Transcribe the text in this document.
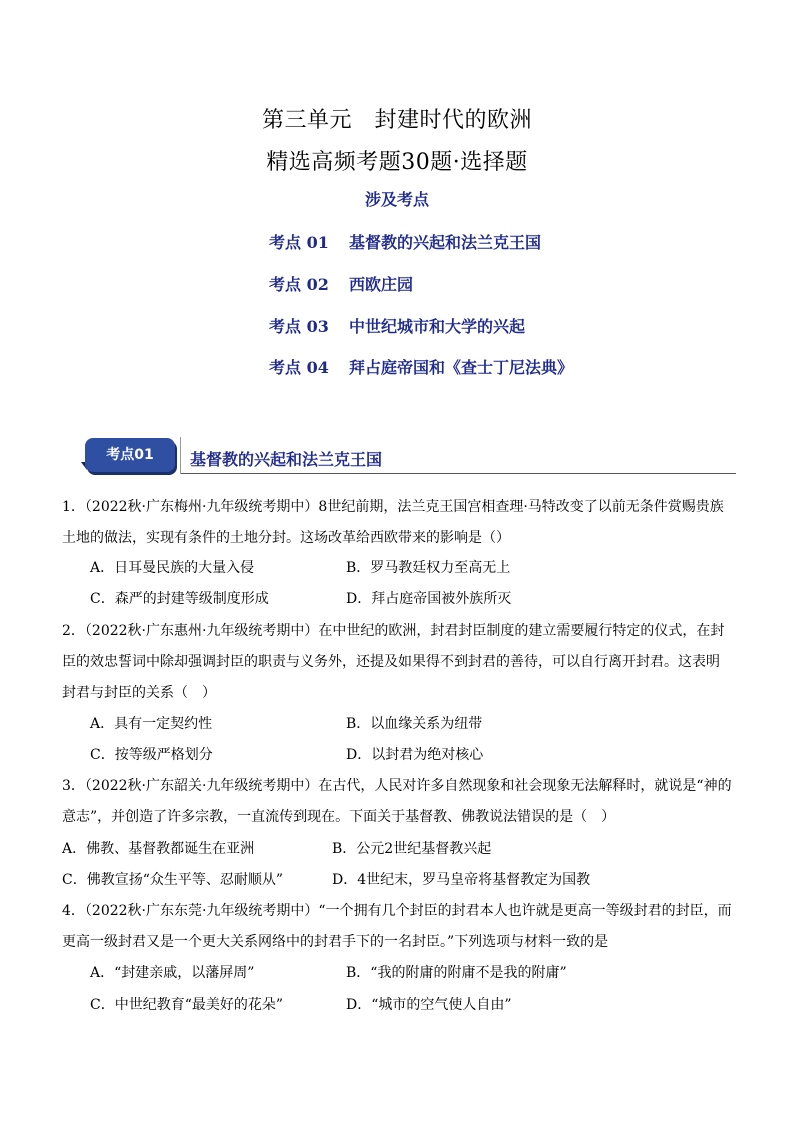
第三单元　封建时代的欧洲
精选高频考题30题·选择题
涉及考点
考点 01 基督教的兴起和法兰克王国
考点 02 西欧庄园
考点 03 中世纪城市和大学的兴起
考点 04 拜占庭帝国和《查士丁尼法典》
考点01	基督教的兴起和法兰克王国
1．（2022秋·广东梅州·九年级统考期中）8世纪前期，法兰克王国宫相查理·马特改变了以前无条件赏赐贵族土地的做法，实现有条件的土地分封。这场改革给西欧带来的影响是（）
A．日耳曼民族的大量入侵	B．罗马教廷权力至高无上
C．森严的封建等级制度形成	D．拜占庭帝国被外族所灭
2．（2022秋·广东惠州·九年级统考期中）在中世纪的欧洲，封君封臣制度的建立需要履行特定的仪式，在封臣的效忠誓词中除却强调封臣的职责与义务外，还提及如果得不到封君的善待，可以自行离开封君。这表明封君与封臣的关系（　）
A．具有一定契约性	B．以血缘关系为纽带
C．按等级严格划分	D．以封君为绝对核心
3．（2022秋·广东韶关·九年级统考期中）在古代，人民对许多自然现象和社会现象无法解释时，就说是“神的意志”，并创造了许多宗教，一直流传到现在。下面关于基督教、佛教说法错误的是（　）
A．佛教、基督教都诞生在亚洲	B．公元2世纪基督教兴起
C．佛教宣扬“众生平等、忍耐顺从”	D．4世纪末，罗马皇帝将基督教定为国教
4．（2022秋·广东东莞·九年级统考期中）“一个拥有几个封臣的封君本人也许就是更高一等级封君的封臣，而更高一级封君又是一个更大关系网络中的封君手下的一名封臣。”下列选项与材料一致的是
A．“封建亲戚，以藩屏周”	B．“我的附庸的附庸不是我的附庸”
C．中世纪教育“最美好的花朵”	D．“城市的空气使人自由”
